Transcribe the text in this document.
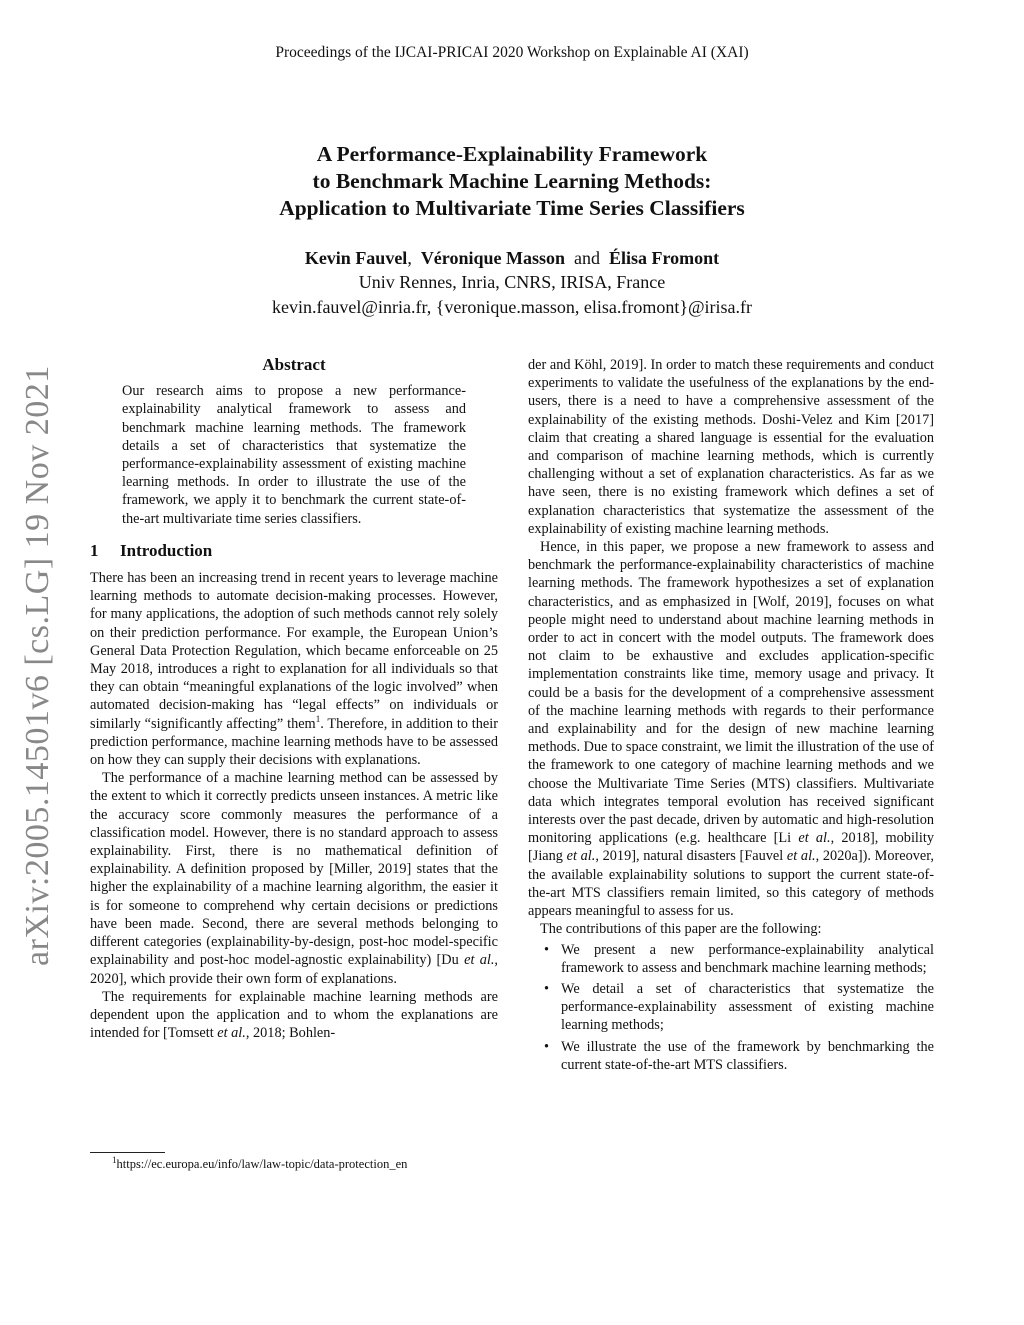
Proceedings of the IJCAI-PRICAI 2020 Workshop on Explainable AI (XAI)
A Performance-Explainability Framework
to Benchmark Machine Learning Methods:
Application to Multivariate Time Series Classifiers
Kevin Fauvel, Véronique Masson and Élisa Fromont
Univ Rennes, Inria, CNRS, IRISA, France
kevin.fauvel@inria.fr, {veronique.masson, elisa.fromont}@irisa.fr
arXiv:2005.14501v6 [cs.LG] 19 Nov 2021
Abstract
Our research aims to propose a new performance-explainability analytical framework to assess and benchmark machine learning methods. The framework details a set of characteristics that systematize the performance-explainability assessment of existing machine learning methods. In order to illustrate the use of the framework, we apply it to benchmark the current state-of-the-art multivariate time series classifiers.
1 Introduction

There has been an increasing trend in recent years to leverage machine learning methods to automate decision-making processes. However, for many applications, the adoption of such methods cannot rely solely on their prediction performance. For example, the European Union’s General Data Protection Regulation, which became enforceable on 25 May 2018, introduces a right to explanation for all individuals so that they can obtain “meaningful explanations of the logic involved” when automated decision-making has “legal effects” on individuals or similarly “significantly affecting” them$^1$. Therefore, in addition to their prediction performance, machine learning methods have to be assessed on how they can supply their decisions with explanations.

The performance of a machine learning method can be assessed by the extent to which it correctly predicts unseen instances. A metric like the accuracy score commonly measures the performance of a classification model. However, there is no standard approach to assess explainability. First, there is no mathematical definition of explainability. A definition proposed by [Miller, 2019] states that the higher the explainability of a machine learning algorithm, the easier it is for someone to comprehend why certain decisions or predictions have been made. Second, there are several methods belonging to different categories (explainability-by-design, post-hoc model-specific explainability and post-hoc model-agnostic explainability) [Du et al., 2020], which provide their own form of explanations.

The requirements for explainable machine learning methods are dependent upon the application and to whom the explanations are intended for [Tomsett et al., 2018; Bohlen-

der and Köhl, 2019]. In order to match these requirements and conduct experiments to validate the usefulness of the explanations by the end-users, there is a need to have a comprehensive assessment of the explainability of the existing methods. Doshi-Velez and Kim [2017] claim that creating a shared language is essential for the evaluation and comparison of machine learning methods, which is currently challenging without a set of explanation characteristics. As far as we have seen, there is no existing framework which defines a set of explanation characteristics that systematize the assessment of the explainability of existing machine learning methods.

Hence, in this paper, we propose a new framework to assess and benchmark the performance-explainability characteristics of machine learning methods. The framework hypothesizes a set of explanation characteristics, and as emphasized in [Wolf, 2019], focuses on what people might need to understand about machine learning methods in order to act in concert with the model outputs. The framework does not claim to be exhaustive and excludes application-specific implementation constraints like time, memory usage and privacy. It could be a basis for the development of a comprehensive assessment of the machine learning methods with regards to their performance and explainability and for the design of new machine learning methods. Due to space constraint, we limit the illustration of the use of the framework to one category of machine learning methods and we choose the Multivariate Time Series (MTS) classifiers. Multivariate data which integrates temporal evolution has received significant interests over the past decade, driven by automatic and high-resolution monitoring applications (e.g. healthcare [Li et al., 2018], mobility [Jiang et al., 2019], natural disasters [Fauvel et al., 2020a]). Moreover, the available explainability solutions to support the current state-of-the-art MTS classifiers remain limited, so this category of methods appears meaningful to assess for us.

The contributions of this paper are the following:

• We present a new performance-explainability analytical framework to assess and benchmark machine learning methods;
• We detail a set of characteristics that systematize the performance-explainability assessment of existing machine learning methods;
• We illustrate the use of the framework by benchmarking the current state-of-the-art MTS classifiers.
$^1$https://ec.europa.eu/info/law/law-topic/data-protection_en
